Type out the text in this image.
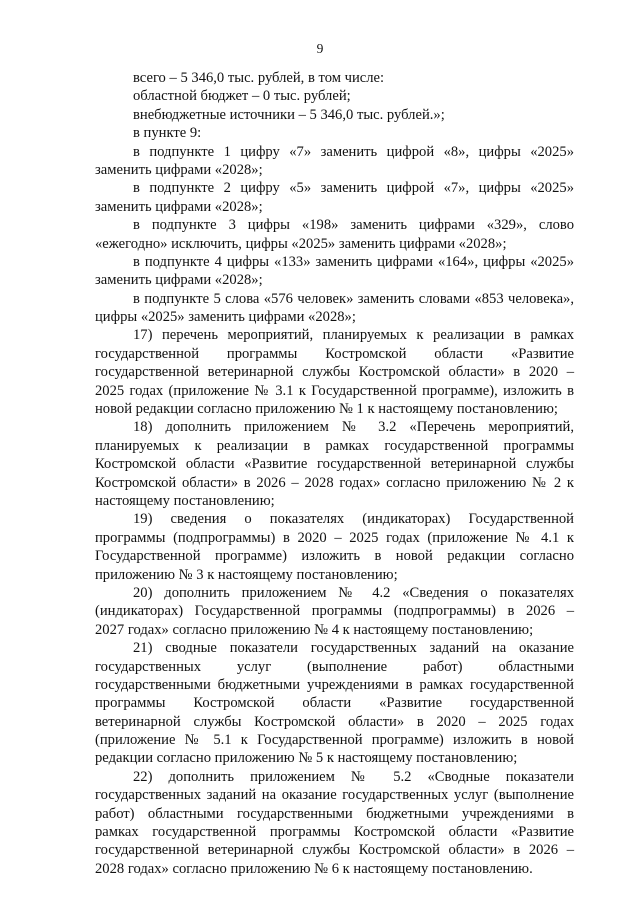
9
всего – 5 346,0 тыс. рублей, в том числе:
областной бюджет – 0 тыс. рублей;
внебюджетные источники – 5 346,0 тыс. рублей.»;
в пункте 9:
в подпункте 1 цифру «7» заменить цифрой «8», цифры «2025»
заменить цифрами «2028»;
в подпункте 2 цифру «5» заменить цифрой «7», цифры «2025»
заменить цифрами «2028»;
в подпункте 3 цифры «198» заменить цифрами «329», слово
«ежегодно» исключить, цифры «2025» заменить цифрами «2028»;
в подпункте 4 цифры «133» заменить цифрами «164», цифры «2025»
заменить цифрами «2028»;
в подпункте 5 слова «576 человек» заменить словами «853 человека»,
цифры «2025» заменить цифрами «2028»;
17) перечень мероприятий, планируемых к реализации в рамках
государственной программы Костромской области «Развитие
государственной ветеринарной службы Костромской области» в 2020 –
2025 годах (приложение № 3.1 к Государственной программе), изложить в
новой редакции согласно приложению № 1 к настоящему постановлению;
18) дополнить приложением № 3.2 «Перечень мероприятий,
планируемых к реализации в рамках государственной программы
Костромской области «Развитие государственной ветеринарной службы
Костромской области» в 2026 – 2028 годах» согласно приложению № 2 к
настоящему постановлению;
19) сведения о показателях (индикаторах) Государственной
программы (подпрограммы) в 2020 – 2025 годах (приложение № 4.1 к
Государственной программе) изложить в новой редакции согласно
приложению № 3 к настоящему постановлению;
20) дополнить приложением № 4.2 «Сведения о показателях
(индикаторах) Государственной программы (подпрограммы) в 2026 –
2027 годах» согласно приложению № 4 к настоящему постановлению;
21) сводные показатели государственных заданий на оказание
государственных услуг (выполнение работ) областными
государственными бюджетными учреждениями в рамках государственной
программы Костромской области «Развитие государственной
ветеринарной службы Костромской области» в 2020 – 2025 годах
(приложение № 5.1 к Государственной программе) изложить в новой
редакции согласно приложению № 5 к настоящему постановлению;
22) дополнить приложением № 5.2 «Сводные показатели
государственных заданий на оказание государственных услуг (выполнение
работ) областными государственными бюджетными учреждениями в
рамках государственной программы Костромской области «Развитие
государственной ветеринарной службы Костромской области» в 2026 –
2028 годах» согласно приложению № 6 к настоящему постановлению.
